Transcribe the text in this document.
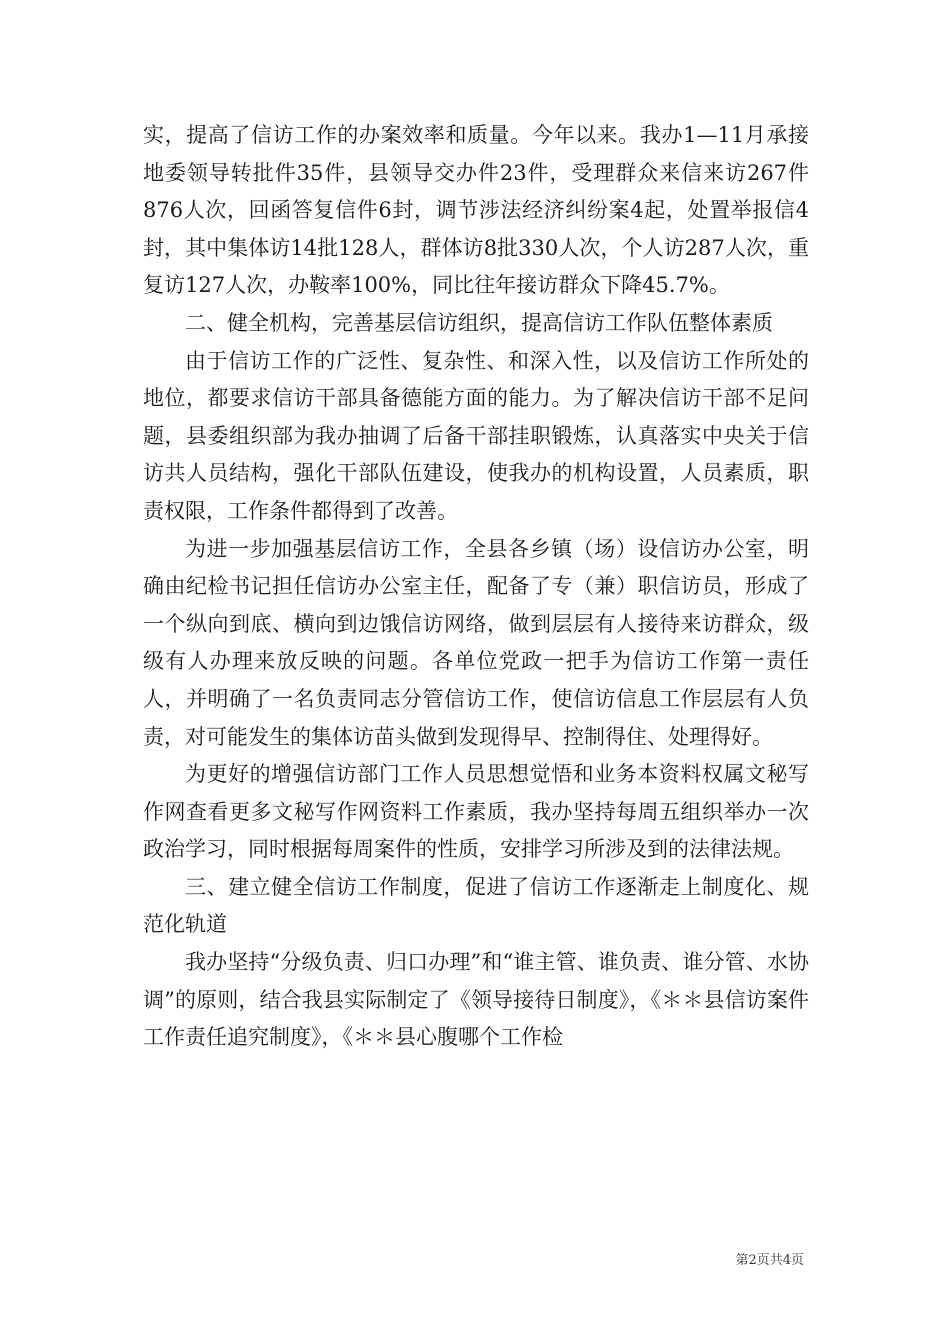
实，提高了信访工作的办案效率和质量。今年以来。我办1—11月承接地委领导转批件35件，县领导交办件23件，受理群众来信来访267件876人次，回函答复信件6封，调节涉法经济纠纷案4起，处置举报信4封，其中集体访14批128人，群体访8批330人次，个人访287人次，重复访127人次，办鞍率100%，同比往年接访群众下降45.7%。

二、健全机构，完善基层信访组织，提高信访工作队伍整体素质

由于信访工作的广泛性、复杂性、和深入性，以及信访工作所处的地位，都要求信访干部具备德能方面的能力。为了解决信访干部不足问题，县委组织部为我办抽调了后备干部挂职锻炼，认真落实中央关于信访共人员结构，强化干部队伍建设，使我办的机构设置，人员素质，职责权限，工作条件都得到了改善。

为进一步加强基层信访工作，全县各乡镇（场）设信访办公室，明确由纪检书记担任信访办公室主任，配备了专（兼）职信访员，形成了一个纵向到底、横向到边饿信访网络，做到层层有人接待来访群众，级级有人办理来放反映的问题。各单位党政一把手为信访工作第一责任人，并明确了一名负责同志分管信访工作，使信访信息工作层层有人负责，对可能发生的集体访苗头做到发现得早、控制得住、处理得好。

为更好的增强信访部门工作人员思想觉悟和业务本资料权属文秘写作网查看更多文秘写作网资料工作素质，我办坚持每周五组织举办一次政治学习，同时根据每周案件的性质，安排学习所涉及到的法律法规。

三、建立健全信访工作制度，促进了信访工作逐渐走上制度化、规范化轨道

我办坚持“分级负责、归口办理”和“谁主管、谁负责、谁分管、水协调”的原则，结合我县实际制定了《领导接待日制度》，《＊＊县信访案件工作责任追究制度》，《＊＊县心腹哪个工作检

第2页共4页
